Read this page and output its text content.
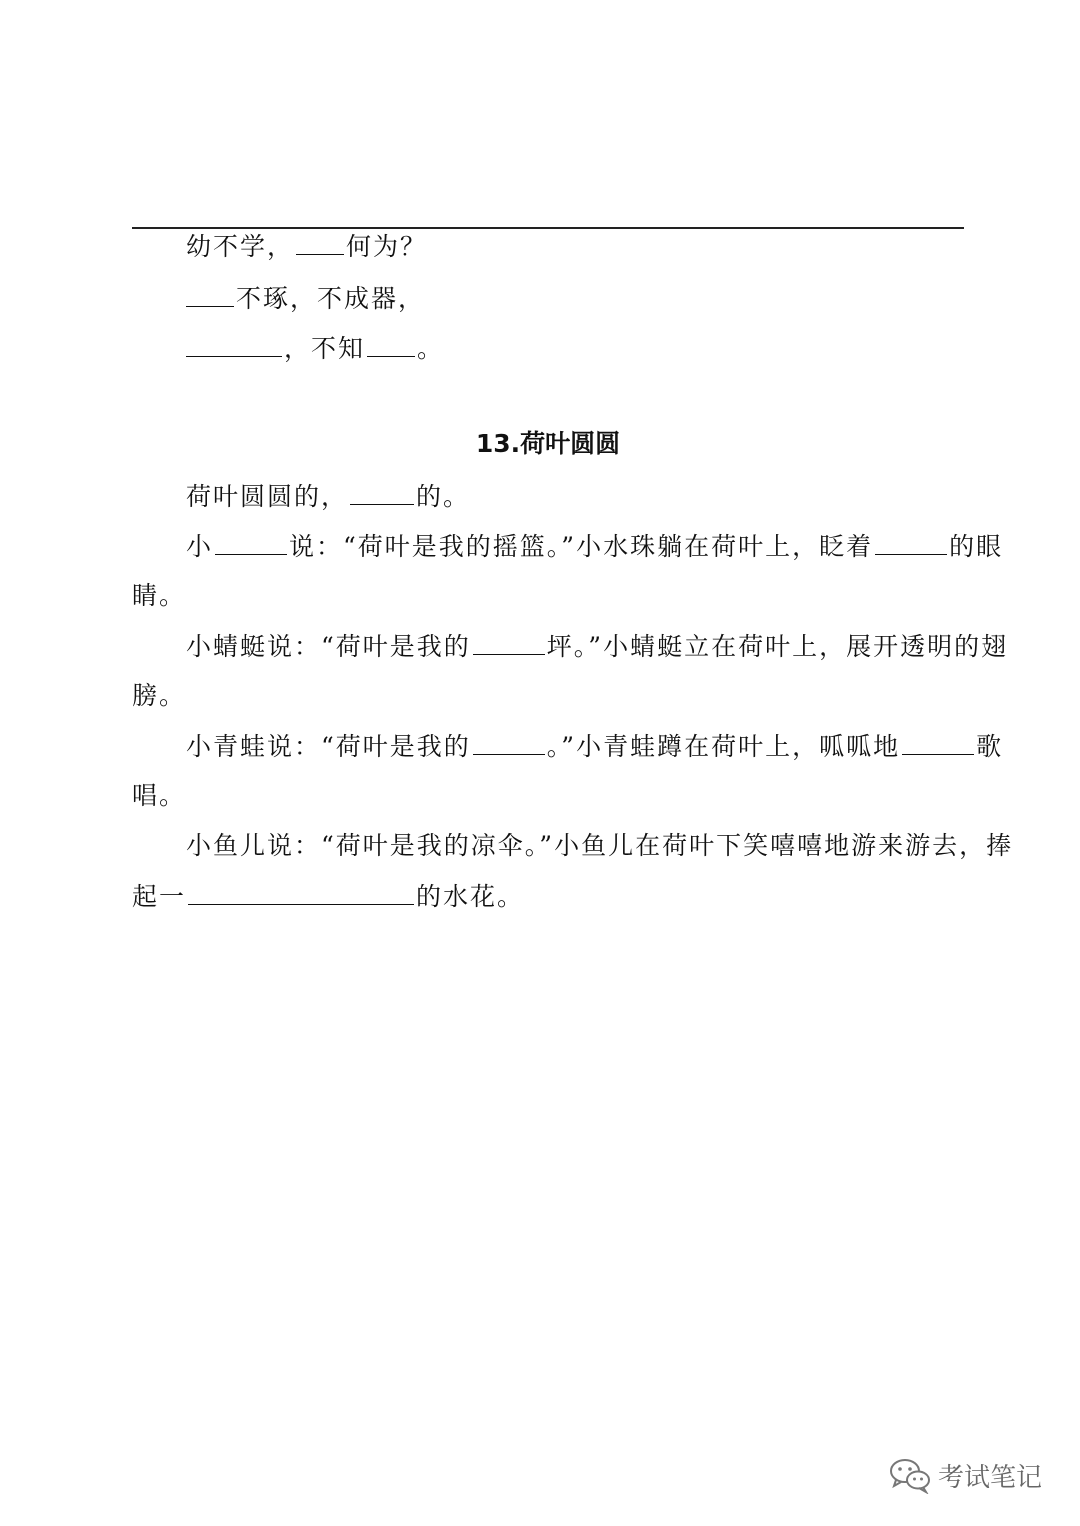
幼不学， 何为？
不琢，不成器，
，不知 。
13.荷叶圆圆
荷叶圆圆的，	的。
小	说：“荷叶是我的摇篮。”小水珠躺在荷叶上，眨着	的眼
睛。
小蜻蜓说：“荷叶是我的	坪。”小蜻蜓立在荷叶上，展开透明的翅
膀。
小青蛙说：“荷叶是我的	。”小青蛙蹲在荷叶上，呱呱地	歌
唱。
小鱼儿说：“荷叶是我的凉伞。”小鱼儿在荷叶下笑嘻嘻地游来游去，捧
起一	的水花。
考试笔记
